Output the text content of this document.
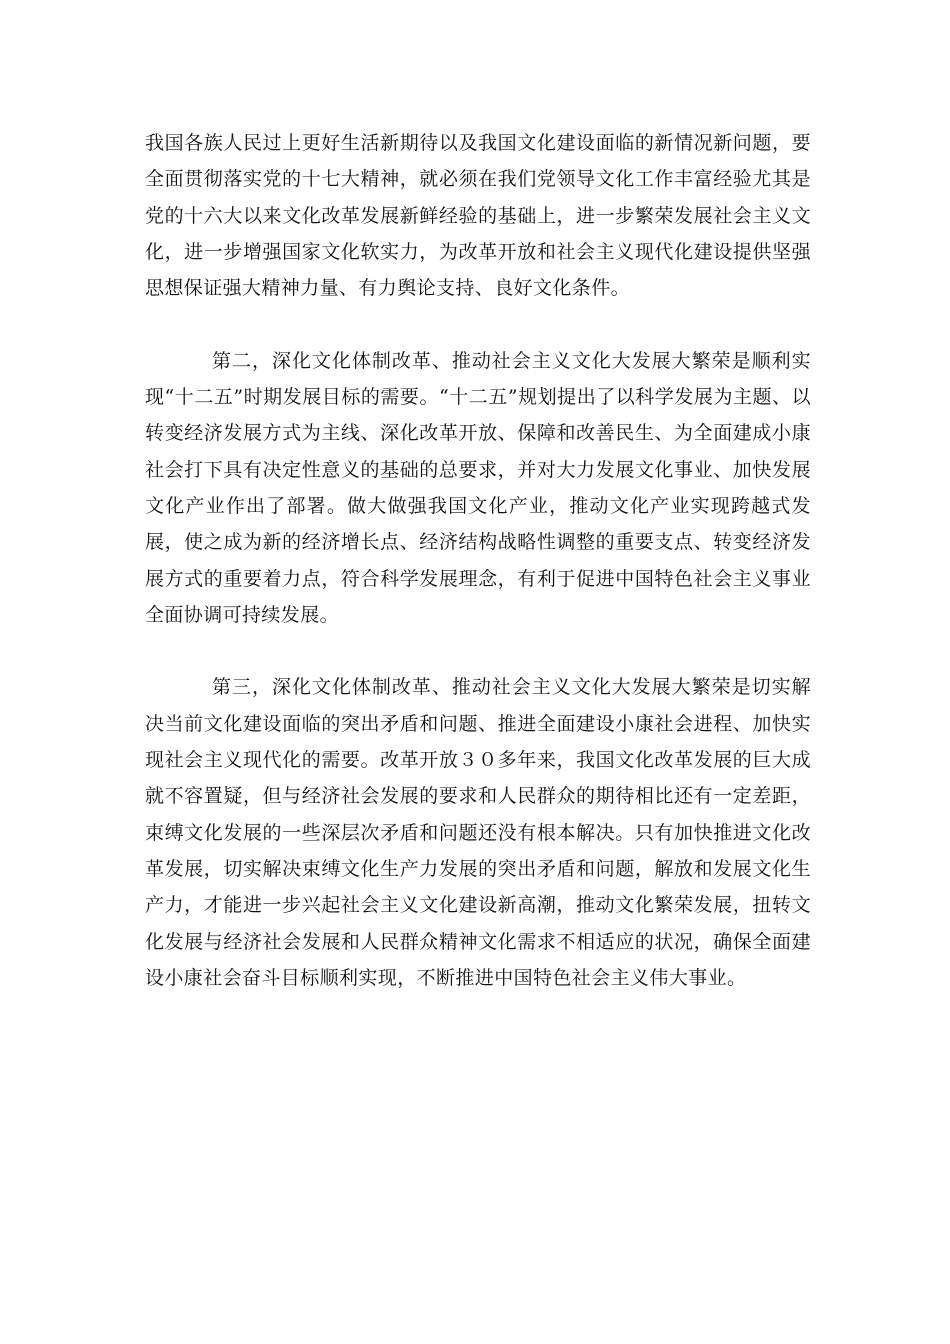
我国各族人民过上更好生活新期待以及我国文化建设面临的新情况新问题，要全面贯彻落实党的十七大精神，就必须在我们党领导文化工作丰富经验尤其是党的十六大以来文化改革发展新鲜经验的基础上，进一步繁荣发展社会主义文化，进一步增强国家文化软实力，为改革开放和社会主义现代化建设提供坚强思想保证强大精神力量、有力舆论支持、良好文化条件。

第二，深化文化体制改革、推动社会主义文化大发展大繁荣是顺利实现“十二五”时期发展目标的需要。“十二五”规划提出了以科学发展为主题、以转变经济发展方式为主线、深化改革开放、保障和改善民生、为全面建成小康社会打下具有决定性意义的基础的总要求，并对大力发展文化事业、加快发展文化产业作出了部署。做大做强我国文化产业，推动文化产业实现跨越式发展，使之成为新的经济增长点、经济结构战略性调整的重要支点、转变经济发展方式的重要着力点，符合科学发展理念，有利于促进中国特色社会主义事业全面协调可持续发展。

第三，深化文化体制改革、推动社会主义文化大发展大繁荣是切实解决当前文化建设面临的突出矛盾和问题、推进全面建设小康社会进程、加快实现社会主义现代化的需要。改革开放３０多年来，我国文化改革发展的巨大成就不容置疑，但与经济社会发展的要求和人民群众的期待相比还有一定差距，束缚文化发展的一些深层次矛盾和问题还没有根本解决。只有加快推进文化改革发展，切实解决束缚文化生产力发展的突出矛盾和问题，解放和发展文化生产力，才能进一步兴起社会主义文化建设新高潮，推动文化繁荣发展，扭转文化发展与经济社会发展和人民群众精神文化需求不相适应的状况，确保全面建设小康社会奋斗目标顺利实现，不断推进中国特色社会主义伟大事业。
